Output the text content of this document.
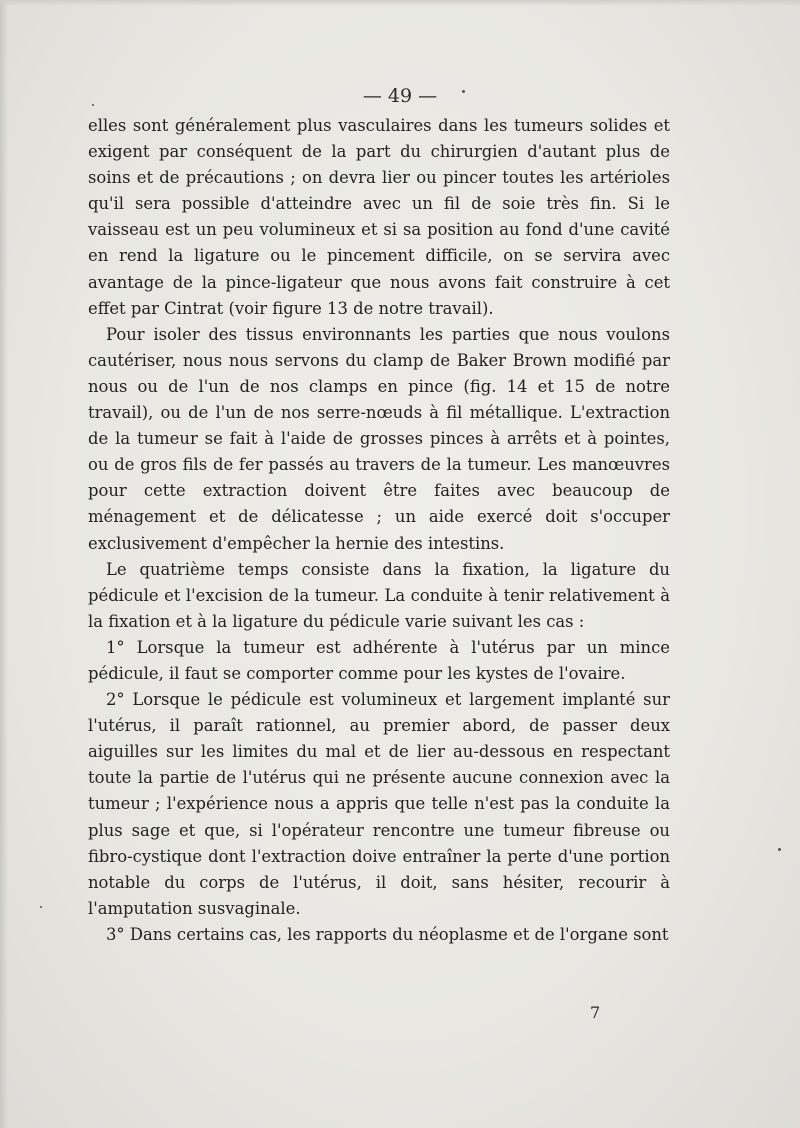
— 49 —

elles sont généralement plus vasculaires dans les tumeurs solides et exigent par conséquent de la part du chirurgien d'autant plus de soins et de précautions ; on devra lier ou pincer toutes les artérioles qu'il sera possible d'atteindre avec un fil de soie très fin. Si le vaisseau est un peu volumineux et si sa position au fond d'une cavité en rend la ligature ou le pincement difficile, on se servira avec avantage de la pince-ligateur que nous avons fait construire à cet effet par Cintrat (voir figure 13 de notre travail).

Pour isoler des tissus environnants les parties que nous voulons cautériser, nous nous servons du clamp de Baker Brown modifié par nous ou de l'un de nos clamps en pince (fig. 14 et 15 de notre travail), ou de l'un de nos serre-nœuds à fil métallique. L'extraction de la tumeur se fait à l'aide de grosses pinces à arrêts et à pointes, ou de gros fils de fer passés au travers de la tumeur. Les manœuvres pour cette extraction doivent être faites avec beaucoup de ménagement et de délicatesse ; un aide exercé doit s'occuper exclusivement d'empêcher la hernie des intestins.

Le quatrième temps consiste dans la fixation, la ligature du pédicule et l'excision de la tumeur. La conduite à tenir relativement à la fixation et à la ligature du pédicule varie suivant les cas :

1° Lorsque la tumeur est adhérente à l'utérus par un mince pédicule, il faut se comporter comme pour les kystes de l'ovaire.

2° Lorsque le pédicule est volumineux et largement implanté sur l'utérus, il paraît rationnel, au premier abord, de passer deux aiguilles sur les limites du mal et de lier au-dessous en respectant toute la partie de l'utérus qui ne présente aucune connexion avec la tumeur ; l'expérience nous a appris que telle n'est pas la conduite la plus sage et que, si l'opérateur rencontre une tumeur fibreuse ou fibro-cystique dont l'extraction doive entraîner la perte d'une portion notable du corps de l'utérus, il doit, sans hésiter, recourir à l'amputation susvaginale.

3° Dans certains cas, les rapports du néoplasme et de l'organe sont

7
